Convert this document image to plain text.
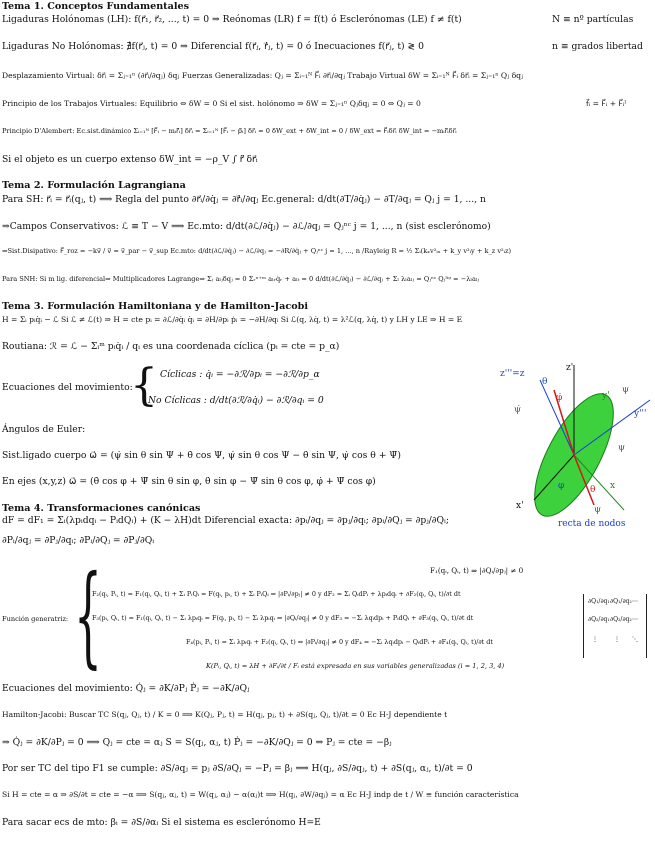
Tema 1. Conceptos Fundamentales
Ligaduras Holónomas (LH): f(r⃗₁, r⃗₂, ..., t) = 0 ⇒ Reónomas (LR) f = f(t) ó Esclerónomas (LE) f ≠ f(t)	N ≡ nº partículas
Ligaduras No Holónomas: ∄f(r⃗ⱼ, t) = 0 ⇒ Diferencial f(r⃗ⱼ, ṙ⃗ⱼ, t) = 0 ó Inecuaciones f(r⃗ⱼ, t) ≷ 0	n ≡ grados libertad
Desplazamiento Virtual: δr⃗ᵢ = Σⱼ₌₁ⁿ (∂r⃗ᵢ/∂qⱼ) δqⱼ Fuerzas Generalizadas: Qⱼ = Σᵢ₌₁ᴺ F⃗ᵢ ∂r⃗ᵢ/∂qⱼ Trabajo Virtual δW = Σᵢ₌₁ᴺ F⃗ᵢ δr⃗ᵢ = Σⱼ₌₁ⁿ Qⱼ δqⱼ
Principio de los Trabajos Virtuales: Equilibrio ⇔ δW = 0 Si el sist. holónomo ⇒ δW = Σⱼ₌₁ⁿ Qⱼδqⱼ = 0 ⇔ Qⱼ = 0	f⃗ᵢ = F⃗ᵢ + F⃗ᵢˡ
Principio D'Alembert: Ec.sist.dinámico Σᵢ₌₁ᴺ [F⃗ᵢ − mᵢr̈⃗ᵢ] δr⃗ᵢ = Σᵢ₌₁ᴺ [F⃗ᵢ − ṗ⃗ᵢ] δr⃗ᵢ = 0 δW_ext + δW_int = 0 / δW_ext = F⃗ᵢδr⃗ᵢ δW_int = −mᵢr̈⃗ᵢδr⃗ᵢ
Si el objeto es un cuerpo extenso δW_int = −ρ_V ∫ r̈⃗ δr⃗ᵢ
Tema 2. Formulación Lagrangiana
Para SH: r⃗ᵢ = r⃗ᵢ(qⱼ, t) ⟹ Regla del punto ∂r⃗ᵢ/∂q̇ⱼ = ∂ṙ⃗ᵢ/∂qⱼ Ec.general: d/dt(∂T/∂q̇ⱼ) − ∂T/∂qⱼ = Qⱼ j = 1, ..., n
⇒Campos Conservativos: ℒ ≡ T − V ⟹ Ec.mto: d/dt(∂ℒ/∂q̇ⱼ) − ∂ℒ/∂qⱼ = Qⱼⁿᶜ j = 1, ..., n (sist esclerónomo)
⇒Sist.Disipativo: F⃗_roz = −kv⃗ / v⃗ = v⃗_par − v⃗_sup Ec.mto: d/dt(∂ℒ/∂q̇ⱼ) − ∂ℒ/∂qⱼ = −∂R/∂q̇ⱼ + Qⱼⁿᶜ j = 1, ..., n /Rayleig R = ½ Σᵢ(kₓv²ᵢₓ + k_y v²ᵢy + k_z v²ᵢz)
Para SNH: Si m lig. diferencial⇒ Multiplicadores Lagrange⇒ Σⱼ aₗⱼδqⱼ = 0 Σᵣⁿ⁺ᵐ aₗᵣq̇ᵣ + aₗₜ = 0 d/dt(∂ℒ/∂q̇ⱼ) − ∂ℒ/∂qⱼ + Σₗ λₗaₗⱼ = Qⱼⁿᶜ Qⱼˡⁱᵍ = −λₗaₗⱼ
Tema 3. Formulación Hamiltoniana y de Hamilton-Jacobi
H = Σᵢ pᵢq̇ᵢ − ℒ Si ℒ ≠ ℒ(t) ⇒ H = cte pᵢ = ∂ℒ/∂q̇ᵢ q̇ᵢ = ∂H/∂pᵢ ṗᵢ = −∂H/∂qᵢ Si ℒ(q, λq̇, t) = λ²ℒ(q, λq̇, t) y LH y LE ⇒ H = E
Routiana: ℛ = ℒ − Σᵢᵐ pᵢq̇ᵢ / qᵢ es una coordenada cíclica (pᵢ = cte = p_α)
Ecuaciones del movimiento:
{ Cíclicas : q̇ᵢ = −∂ℛ/∂pᵢ = −∂ℛ/∂p_α
No Cíclicas : d/dt(∂ℛ/∂q̇ᵢ) − ∂ℛ/∂qᵢ = 0
Ángulos de Euler:
Sist.ligado cuerpo ω⃗ = (ψ̇ sin θ sin Ψ + θ̇ cos Ψ, ψ̇ sin θ cos Ψ − θ̇ sin Ψ, ψ̇ cos θ + Ψ̇)
En ejes (x,y,z) ω⃗ = (θ̇ cos φ + Ψ̇ sin θ sin φ, θ̇ sin φ − Ψ̇ sin θ cos φ, φ̇ + Ψ̇ cos φ)
z'''=z
z'
θ
φ̇
ψ̇
ψ
y'
y'''
ψ
θ
φ	x
x'	ψ
recta de nodos
Tema 4. Transformaciones canónicas
dF = dF₁ = Σᵢ(λpᵢdqᵢ − PᵢdQᵢ) + (K − λH)dt Diferencial exacta: ∂pᵢ/∂qⱼ = ∂pⱼ/∂qᵢ; ∂pᵢ/∂Qⱼ = ∂pⱼ/∂Qᵢ;
∂Pᵢ/∂qⱼ = ∂Pⱼ/∂qᵢ; ∂Pᵢ/∂Qⱼ = ∂Pⱼ/∂Qᵢ
Función generatriz: {	F₁(qᵢ, Qᵢ, t) ⇒ |∂Qᵢ/∂pⱼ| ≠ 0
F₂(qᵢ, Pᵢ, t) = F₁(qᵢ, Qᵢ, t) + Σᵢ PᵢQᵢ = F(qᵢ, pᵢ, t) + Σᵢ PᵢQᵢ ⇒ |∂Pᵢ/∂pⱼ| ≠ 0 y dF₂ = Σᵢ QᵢdPᵢ + λpᵢdqᵢ + ∂F₂(qᵢ, Qᵢ, t)/∂t dt
F₃(pᵢ, Qᵢ, t) = F₁(qᵢ, Qᵢ, t) − Σᵢ λpᵢqᵢ = F(qᵢ, pᵢ, t) − Σᵢ λpᵢqᵢ ⇒ |∂Qᵢ/∂qⱼ| ≠ 0 y dF₃ = −Σᵢ λqᵢdpᵢ + PᵢdQᵢ + ∂F₃(qᵢ, Qᵢ, t)/∂t dt
F₄(pᵢ, Pᵢ, t) = Σᵢ λpᵢqᵢ + F₂(qᵢ, Qᵢ, t) ⇒ |∂Pᵢ/∂qⱼ| ≠ 0 y dF₄ = −Σᵢ λqᵢdpᵢ − QᵢdPᵢ + ∂F₄(qᵢ, Qᵢ, t)/∂t dt
K(Pᵢ, Qᵢ, t) = λH + ∂Fᵢ/∂t / Fᵢ está expresada en sus variables generalizadas (i = 1, 2, 3, 4)
∂Q₁/∂q₁ ∂Q₁/∂q₂ ⋯
∂Q₂/∂q₁ ∂Q₂/∂q₂ ⋯
⋮	⋮ ⋱
Ecuaciones del movimiento: Q̇ⱼ = ∂K/∂Pⱼ Ṗⱼ = −∂K/∂Qⱼ
Hamilton-Jacobi: Buscar TC S(qⱼ, Qⱼ, t) / K = 0 ⟹ K(Qⱼ, Pⱼ, t) = H(qⱼ, pⱼ, t) + ∂S(qⱼ, Qⱼ, t)/∂t = 0 Ec H-J dependiente t
⇒ Q̇ⱼ = ∂K/∂Pⱼ = 0 ⟹ Qⱼ = cte = αⱼ S = S(qⱼ, αⱼ, t) Ṗⱼ = −∂K/∂Qⱼ = 0 ⇒ Pⱼ = cte = −βⱼ
Por ser TC del tipo F1 se cumple: ∂S/∂qⱼ = pⱼ ∂S/∂Qⱼ = −Pⱼ = βⱼ ⟹ H(qⱼ, ∂S/∂qⱼ, t) + ∂S(qⱼ, αⱼ, t)/∂t = 0
Si H = cte = α ⇒ ∂S/∂t = cte = −α ⟹ S(qⱼ, αⱼ, t) = W(qⱼ, αⱼ) − α(αⱼ)t ⟹ H(qⱼ, ∂W/∂qⱼ) = α Ec H-J indp de t / W ≡ función característica
Para sacar ecs de mto: βᵢ = ∂S/∂αᵢ Si el sistema es esclerónomo H=E
